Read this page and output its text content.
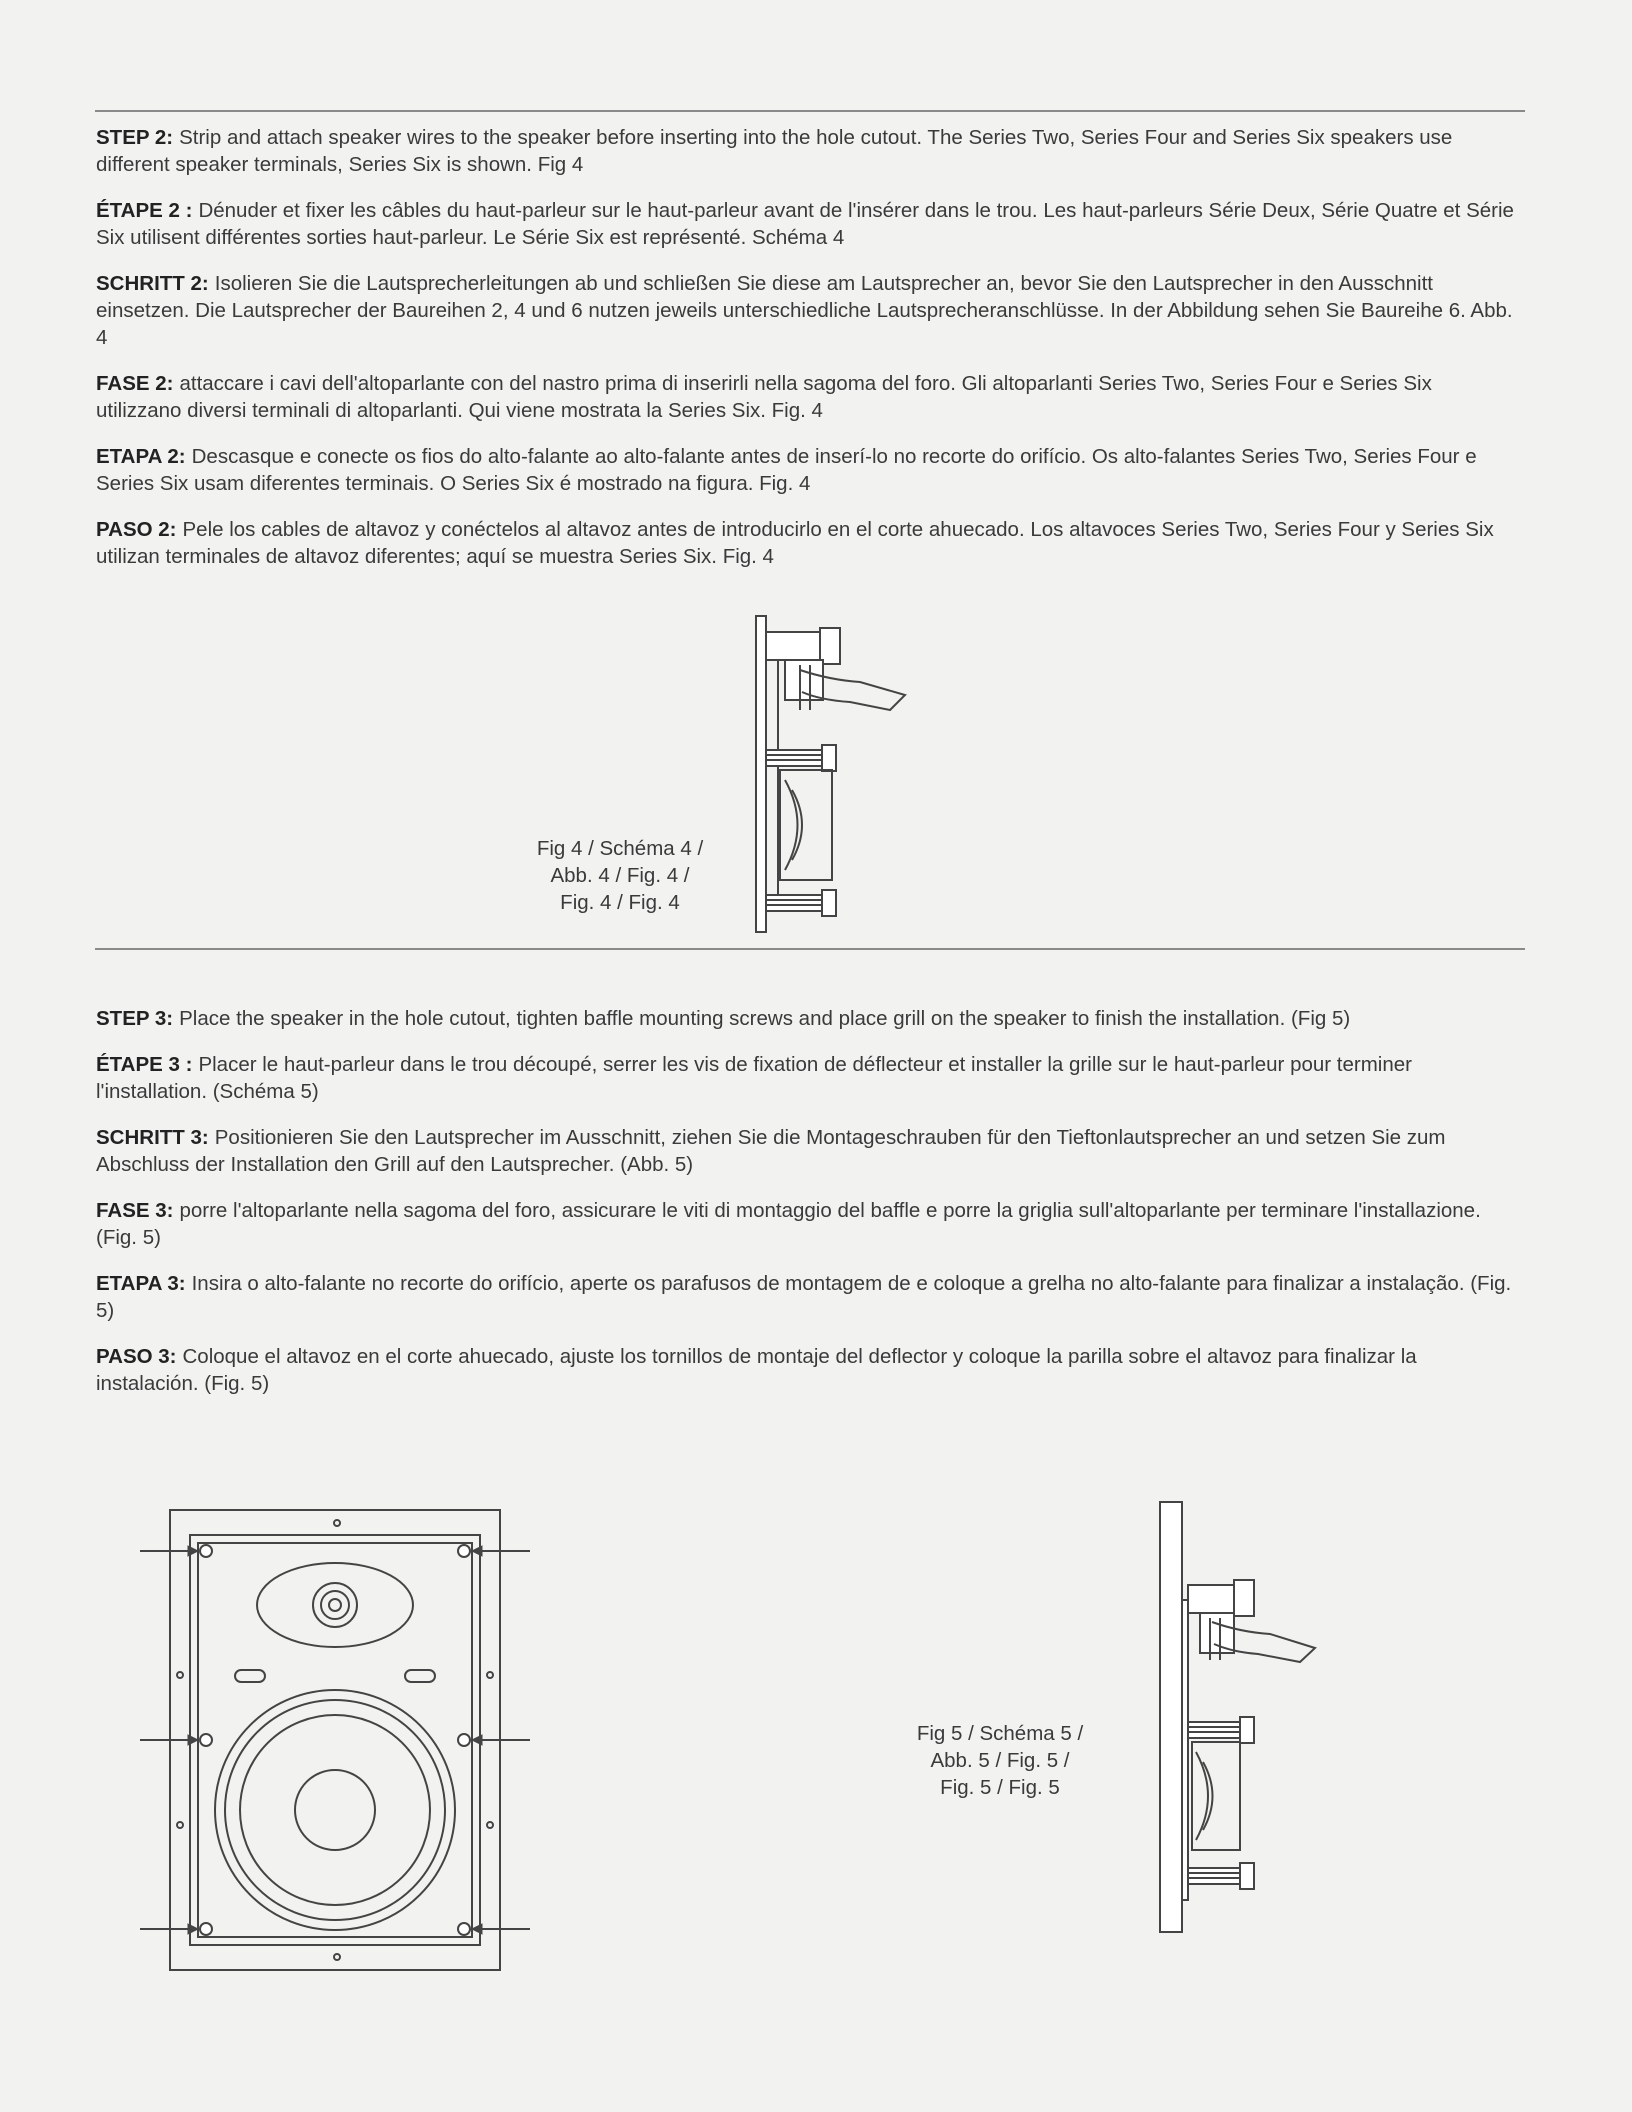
STEP 2: Strip and attach speaker wires to the speaker before inserting into the hole cutout. The Series Two, Series Four and Series Six speakers use different speaker terminals, Series Six is shown. Fig 4

ÉTAPE 2 : Dénuder et fixer les câbles du haut-parleur sur le haut-parleur avant de l'insérer dans le trou. Les haut-parleurs Série Deux, Série Quatre et Série Six utilisent différentes sorties haut-parleur. Le Série Six est représenté. Schéma 4

SCHRITT 2: Isolieren Sie die Lautsprecherleitungen ab und schließen Sie diese am Lautsprecher an, bevor Sie den Lautsprecher in den Ausschnitt einsetzen. Die Lautsprecher der Baureihen 2, 4 und 6 nutzen jeweils unterschiedliche Lautsprecheranschlüsse. In der Abbildung sehen Sie Baureihe 6. Abb. 4

FASE 2: attaccare i cavi dell'altoparlante con del nastro prima di inserirli nella sagoma del foro. Gli altoparlanti Series Two, Series Four e Series Six utilizzano diversi terminali di altoparlanti. Qui viene mostrata la Series Six. Fig. 4

ETAPA 2: Descasque e conecte os fios do alto-falante ao alto-falante antes de inserí-lo no recorte do orifício. Os alto-falantes Series Two, Series Four e Series Six usam diferentes terminais. O Series Six é mostrado na figura. Fig. 4

PASO 2: Pele los cables de altavoz y conéctelos al altavoz antes de introducirlo en el corte ahuecado. Los altavoces Series Two, Series Four y Series Six utilizan terminales de altavoz diferentes; aquí se muestra Series Six. Fig. 4

Fig 4 / Schéma 4 /
Abb. 4 / Fig. 4 /
Fig. 4 / Fig. 4

STEP 3: Place the speaker in the hole cutout, tighten baffle mounting screws and place grill on the speaker to finish the installation. (Fig 5)

ÉTAPE 3 : Placer le haut-parleur dans le trou découpé, serrer les vis de fixation de déflecteur et installer la grille sur le haut-parleur pour terminer l'installation. (Schéma 5)

SCHRITT 3: Positionieren Sie den Lautsprecher im Ausschnitt, ziehen Sie die Montageschrauben für den Tieftonlautsprecher an und setzen Sie zum Abschluss der Installation den Grill auf den Lautsprecher. (Abb. 5)

FASE 3: porre l'altoparlante nella sagoma del foro, assicurare le viti di montaggio del baffle e porre la griglia sull'altoparlante per terminare l'installazione. (Fig. 5)

ETAPA 3: Insira o alto-falante no recorte do orifício, aperte os parafusos de montagem de e coloque a grelha no alto-falante para finalizar a instalação. (Fig. 5)

PASO 3: Coloque el altavoz en el corte ahuecado, ajuste los tornillos de montaje del deflector y coloque la parilla sobre el altavoz para finalizar la instalación. (Fig. 5)

Fig 5 / Schéma 5 /
Abb. 5 / Fig. 5 /
Fig. 5 / Fig. 5
